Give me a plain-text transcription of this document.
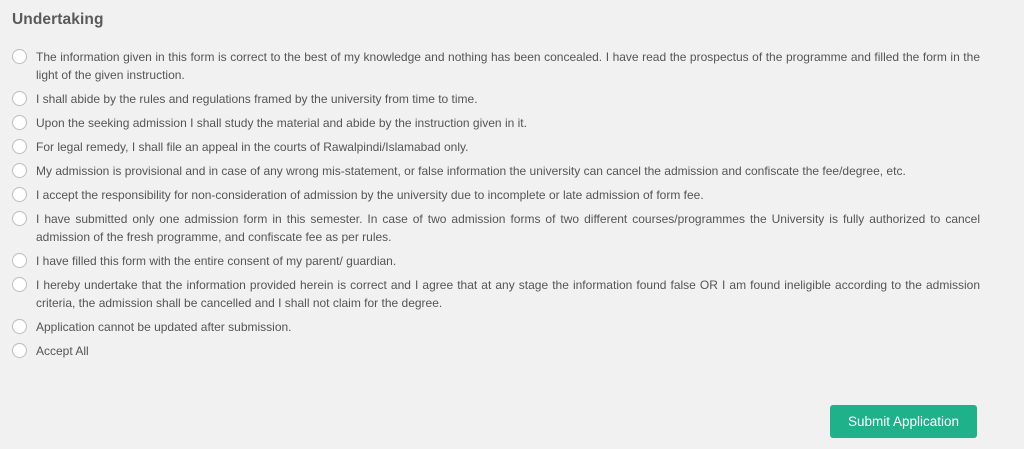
Undertaking
The information given in this form is correct to the best of my knowledge and nothing has been concealed. I have read the prospectus of the programme and filled the form in the light of the given instruction.
I shall abide by the rules and regulations framed by the university from time to time.
Upon the seeking admission I shall study the material and abide by the instruction given in it.
For legal remedy, I shall file an appeal in the courts of Rawalpindi/Islamabad only.
My admission is provisional and in case of any wrong mis-statement, or false information the university can cancel the admission and confiscate the fee/degree, etc.
I accept the responsibility for non-consideration of admission by the university due to incomplete or late admission of form fee.
I have submitted only one admission form in this semester. In case of two admission forms of two different courses/programmes the University is fully authorized to cancel admission of the fresh programme, and confiscate fee as per rules.
I have filled this form with the entire consent of my parent/ guardian.
I hereby undertake that the information provided herein is correct and I agree that at any stage the information found false OR I am found ineligible according to the admission criteria, the admission shall be cancelled and I shall not claim for the degree.
Application cannot be updated after submission.
Accept All
Submit Application
